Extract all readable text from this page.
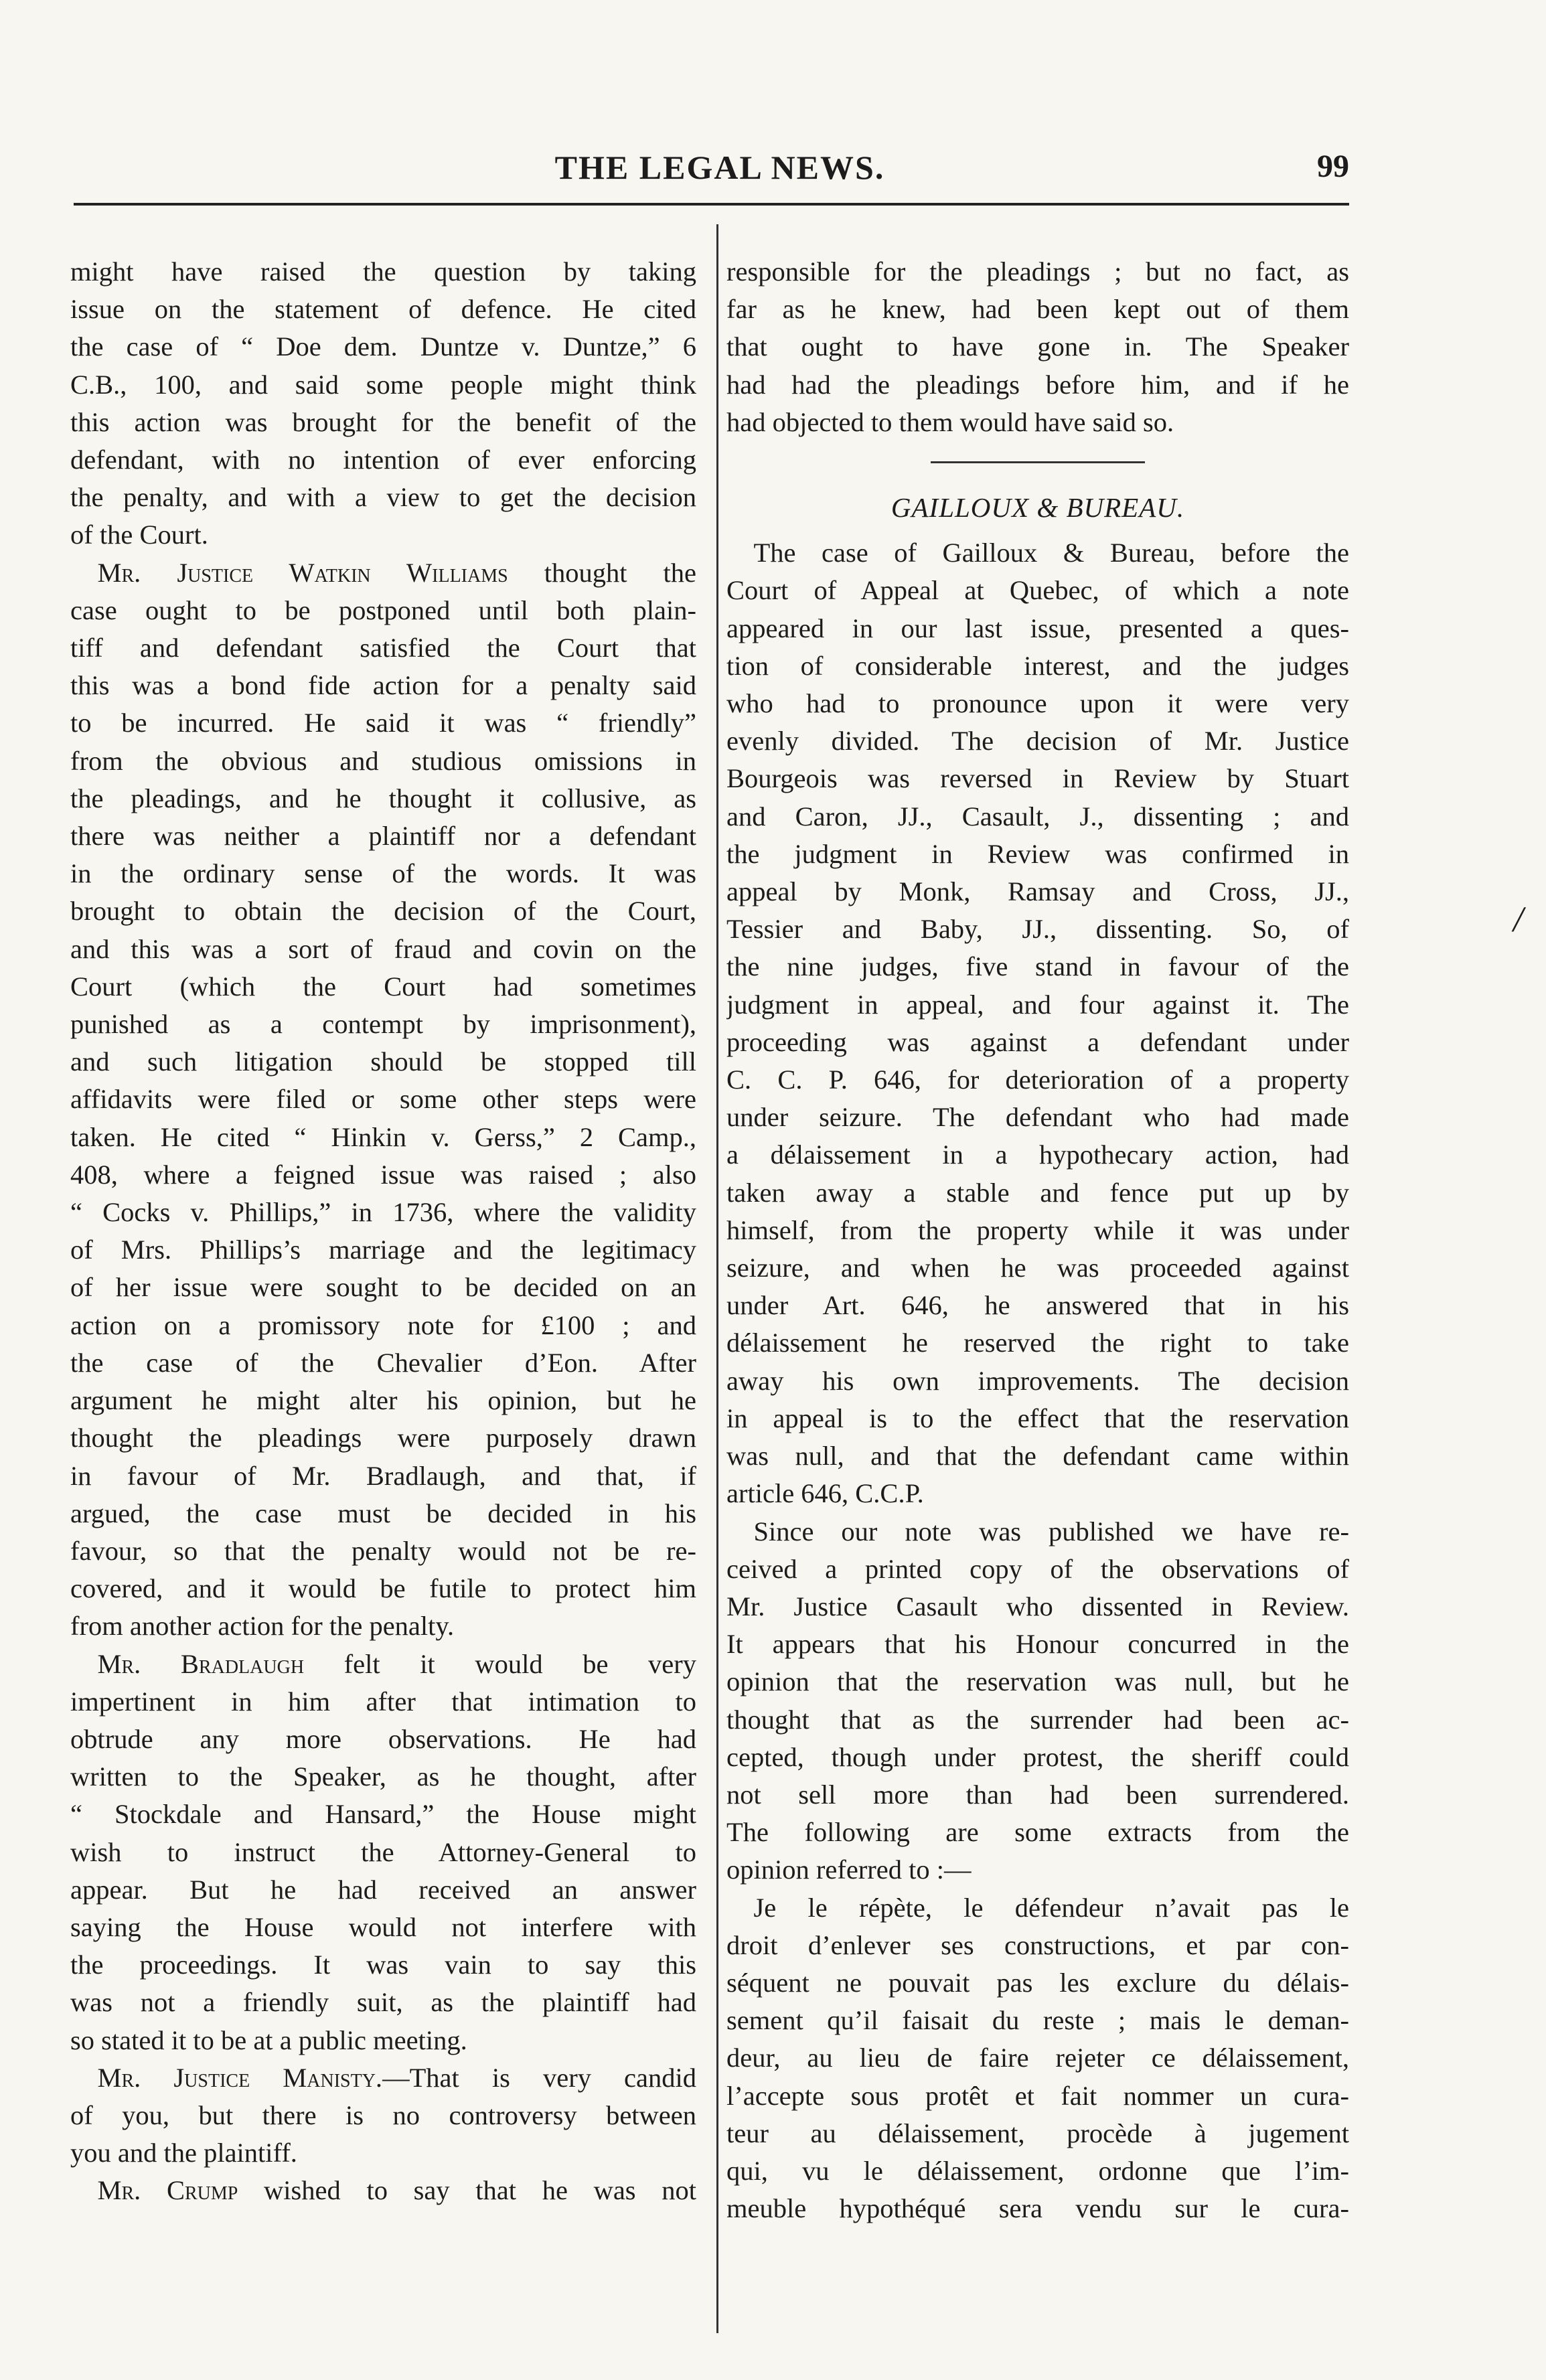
THE LEGAL NEWS.	99

might have raised the question by taking
issue on the statement of defence. He cited
the case of “ Doe dem. Duntze v. Duntze,” 6
C.B., 100, and said some people might think
this action was brought for the benefit of the
defendant, with no intention of ever enforcing
the penalty, and with a view to get the decision
of the Court.

 Mr. Justice Watkin Williams thought the
case ought to be postponed until both plain-
tiff and defendant satisfied the Court that
this was a bond fide action for a penalty said
to be incurred. He said it was “ friendly”
from the obvious and studious omissions in
the pleadings, and he thought it collusive, as
there was neither a plaintiff nor a defendant
in the ordinary sense of the words. It was
brought to obtain the decision of the Court,
and this was a sort of fraud and covin on the
Court (which the Court had sometimes
punished as a contempt by imprisonment),
and such litigation should be stopped till
affidavits were filed or some other steps were
taken. He cited “ Hinkin v. Gerss,” 2 Camp.,
408, where a feigned issue was raised ; also
“ Cocks v. Phillips,” in 1736, where the validity
of Mrs. Phillips’s marriage and the legitimacy
of her issue were sought to be decided on an
action on a promissory note for £100 ; and
the case of the Chevalier d’Eon. After
argument he might alter his opinion, but he
thought the pleadings were purposely drawn
in favour of Mr. Bradlaugh, and that, if
argued, the case must be decided in his
favour, so that the penalty would not be re-
covered, and it would be futile to protect him
from another action for the penalty.

 Mr. Bradlaugh felt it would be very
impertinent in him after that intimation to
obtrude any more observations. He had
written to the Speaker, as he thought, after
“ Stockdale and Hansard,” the House might
wish to instruct the Attorney-General to
appear. But he had received an answer
saying the House would not interfere with
the proceedings. It was vain to say this
was not a friendly suit, as the plaintiff had
so stated it to be at a public meeting.

 Mr. Justice Manisty.—That is very candid
of you, but there is no controversy between
you and the plaintiff.

 Mr. Crump wished to say that he was not

responsible for the pleadings ; but no fact, as
far as he knew, had been kept out of them
that ought to have gone in. The Speaker
had had the pleadings before him, and if he
had objected to them would have said so.

GAILLOUX & BUREAU.

 The case of Gailloux & Bureau, before the
Court of Appeal at Quebec, of which a note
appeared in our last issue, presented a ques-
tion of considerable interest, and the judges
who had to pronounce upon it were very
evenly divided. The decision of Mr. Justice
Bourgeois was reversed in Review by Stuart
and Caron, JJ., Casault, J., dissenting ; and
the judgment in Review was confirmed in
appeal by Monk, Ramsay and Cross, JJ.,
Tessier and Baby, JJ., dissenting. So, of
the nine judges, five stand in favour of the
judgment in appeal, and four against it. The
proceeding was against a defendant under
C. C. P. 646, for deterioration of a property
under seizure. The defendant who had made
a délaissement in a hypothecary action, had
taken away a stable and fence put up by
himself, from the property while it was under
seizure, and when he was proceeded against
under Art. 646, he answered that in his
délaissement he reserved the right to take
away his own improvements. The decision
in appeal is to the effect that the reservation
was null, and that the defendant came within
article 646, C.C.P.

 Since our note was published we have re-
ceived a printed copy of the observations of
Mr. Justice Casault who dissented in Review.
It appears that his Honour concurred in the
opinion that the reservation was null, but he
thought that as the surrender had been ac-
cepted, though under protest, the sheriff could
not sell more than had been surrendered.
The following are some extracts from the
opinion referred to :—

 Je le répète, le défendeur n’avait pas le
droit d’enlever ses constructions, et par con-
séquent ne pouvait pas les exclure du délais-
sement qu’il faisait du reste ; mais le deman-
deur, au lieu de faire rejeter ce délaissement,
l’accepte sous protêt et fait nommer un cura-
teur au délaissement, procède à jugement
qui, vu le délaissement, ordonne que l’im-
meuble hypothéqué sera vendu sur le cura-

/
